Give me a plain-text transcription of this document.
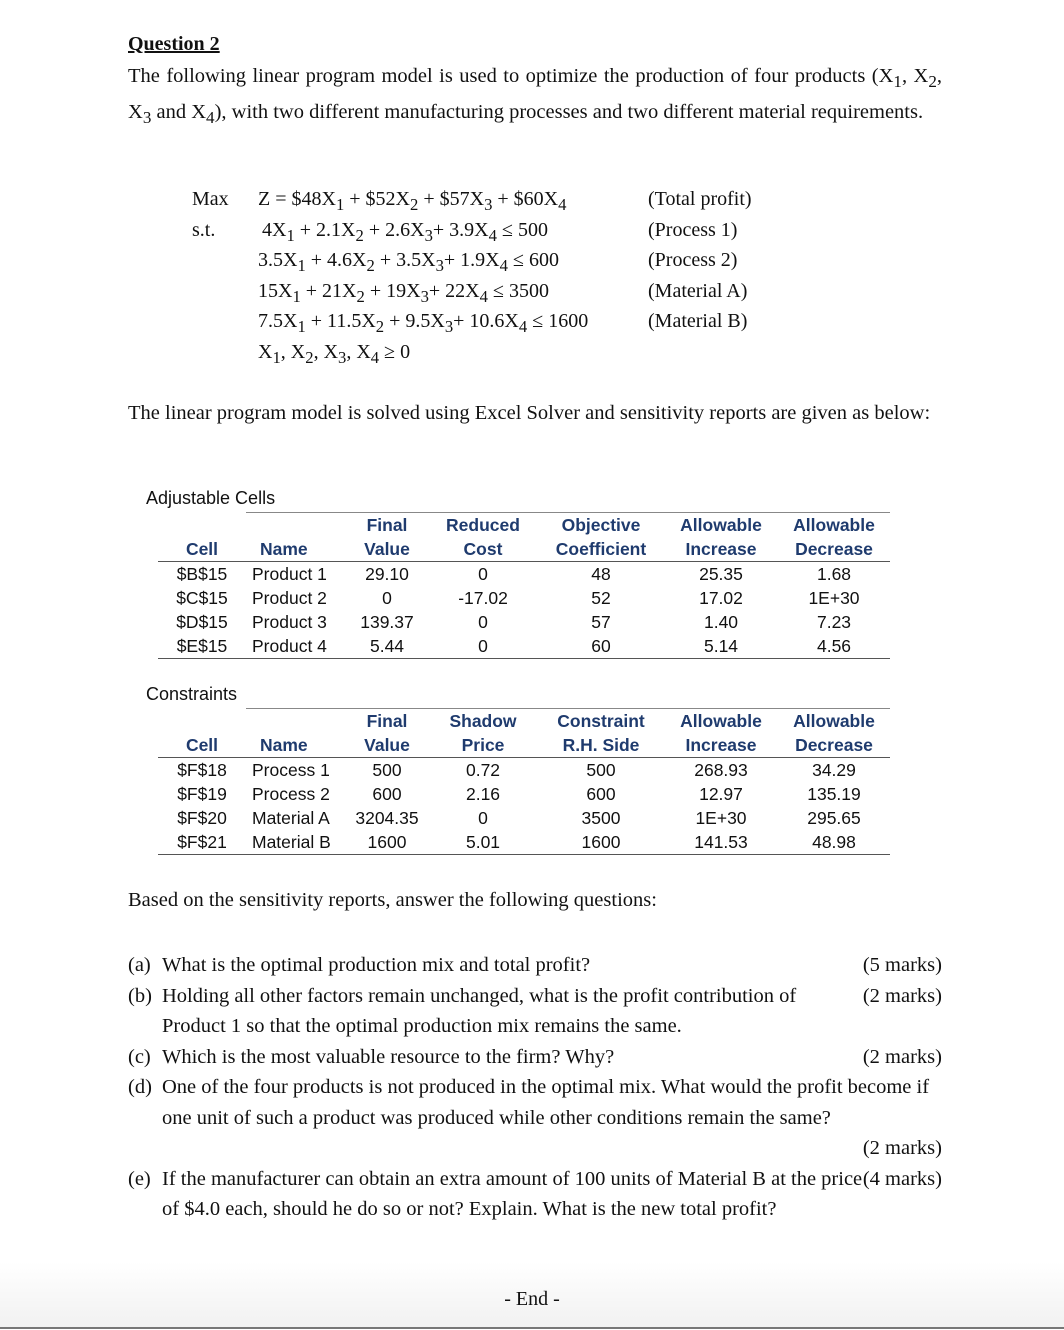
Question 2
The following linear program model is used to optimize the production of four products ($X_1$, $X_2$, $X_3$ and $X_4$), with two different manufacturing processes and two different material requirements.
Max $Z = \$48X_1$ + $\$52X_2$ + $\$57X_3$ + $\$60X_4$	(Total profit)
s.t. $4X_1 + 2.1X_2 + 2.6X_3+ 3.9X_4 \le 500$	(Process 1)
$3.5X_1 + 4.6X_2 + 3.5X_3+ 1.9X_4 \le 600$	(Process 2)
$15X_1 + 21X_2 + 19X_3+ 22X_4 \le 3500$	(Material A)
$7.5X_1 + 11.5X_2 + 9.5X_3+ 10.6X_4 \le 1600$	(Material B)
$X_1$, $X_2$, $X_3$, $X_4 \ge 0$
The linear program model is solved using Excel Solver and sensitivity reports are given as below:
Adjustable Cells
		Final	Reduced	Objective	Allowable	Allowable
Cell	Name	Value	Cost	Coefficient	Increase	Decrease
$B$15	Product 1	29.10	0	48	25.35	1.68
$C$15	Product 2	0	-17.02	52	17.02	1E+30
$D$15	Product 3	139.37	0	57	1.40	7.23
$E$15	Product 4	5.44	0	60	5.14	4.56
Constraints
		Final	Shadow	Constraint	Allowable	Allowable
Cell	Name	Value	Price	R.H. Side	Increase	Decrease
$F$18	Process 1	500	0.72	500	268.93	34.29
$F$19	Process 2	600	2.16	600	12.97	135.19
$F$20	Material A	3204.35	0	3500	1E+30	295.65
$F$21	Material B	1600	5.01	1600	141.53	48.98
Based on the sensitivity reports, answer the following questions:
(a)	(5 marks)
What is the optimal production mix and total profit?
(b)	(2 marks)
Holding all other factors remain unchanged, what is the profit contribution of Product 1 so that the optimal production mix remains the same.
(c)	(2 marks)
Which is the most valuable resource to the firm? Why?
(d) One of the four products is not produced in the optimal mix. What would the profit become if one unit of such a product was produced while other conditions remain the same?
(2 marks)
(e)	(4 marks)
If the manufacturer can obtain an extra amount of 100 units of Material B at the price of $4.0 each, should he do so or not? Explain. What is the new total profit?
- End -
